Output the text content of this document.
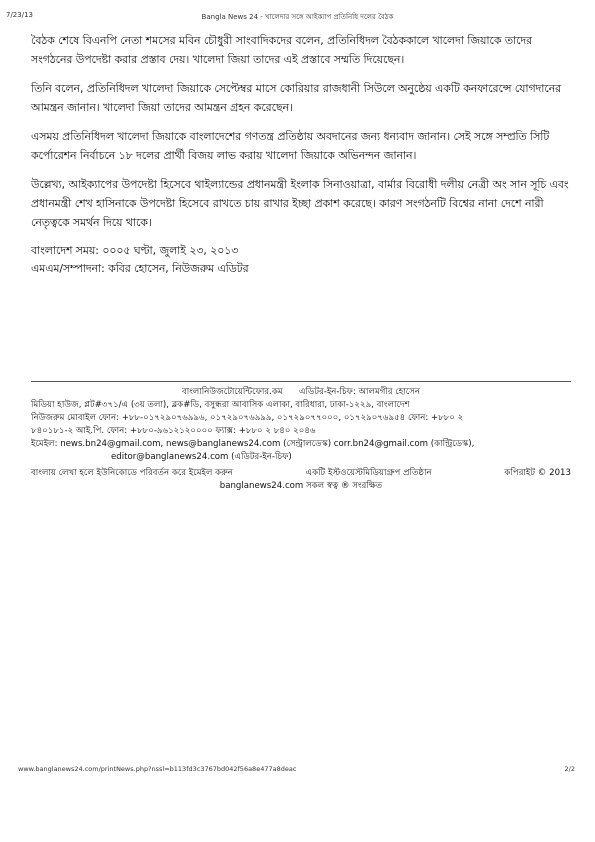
7/23/13	Bangla News 24 - খালেদার সঙ্গে আইক্যাপ প্রতিনিধি দলের বৈঠক

বৈঠক শেষে বিএনপি নেতা শমসের মবিন চৌধুরী সাংবাদিকদের বলেন, প্রতিনিধিদল বৈঠককালে খালেদা জিয়াকে তাদের সংগঠনের উপদেষ্টা করার প্রস্তাব দেয়। খালেদা জিয়া তাদের এই প্রস্তাবে সম্মতি দিয়েছেন।

তিনি বলেন, প্রতিনিধিদল খালেদা জিয়াকে সেপ্টেম্বর মাসে কোরিয়ার রাজধানী সিউলে অনুষ্ঠেয় একটি কনফারেন্সে যোগদানের আমন্ত্রন জানান। খালেদা জিয়া তাদের আমন্ত্রন গ্রহন করেছেন।

এসময় প্রতিনিধিদল খালেদা জিয়াকে বাংলাদেশের গণতন্ত্র প্রতিষ্ঠায় অবদানের জন্য ধন্যবাদ জানান। সেই সঙ্গে সম্প্রতি সিটি কর্পোরেশন নির্বাচনে ১৮ দলের প্রার্থী বিজয় লাভ করায় খালেদা জিয়াকে অভিনন্দন জানান।

উল্লেখ্য, আইক্যাপের উপদেষ্টা হিসেবে থাইল্যান্ডের প্রধানমন্ত্রী ইংলাক সিনাওয়াত্রা, বার্মার বিরোধী দলীয় নেত্রী অং সান সূচি এবং প্রধানমন্ত্রী শেখ হাসিনাকে উপদেষ্টা হিসেবে রাখতে চায় রাখার ইচ্ছা প্রকাশ করেছে। কারণ সংগঠনটি বিশ্বের নানা দেশে নারী নেতৃত্বকে সমর্থন দিয়ে থাকে।

বাংলাদেশ সময়: ০০০৫ ঘণ্টা, জুলাই ২৩, ২০১৩

এমএম/সম্পাদনা: কবির হোসেন, নিউজরুম এডিটর

বাংলানিউজটোয়েন্টিফোর.কম এডিটর-ইন-চিফ: আলমগীর হোসেন
মিডিয়া হাউজ, প্লট#৩৭১/এ (৩য় তলা), ব্লক#ডি, বসুন্ধরা আবাসিক এলাকা, বারিধারা, ঢাকা-১২২৯, বাংলাদেশ
নিউজরুম মোবাইল ফোন: +৮৮-০১৭২৯০৭৬৯৯৬, ০১৭২৯০৭৬৯৯৯, ০১৭২৯০৭৭০০০, ০১৭২৯০৭৬৯৫৪ ফোন: +৮৮০ ২
৮৪০১৮১-২ আই.পি. ফোন: +৮৮০-৯৬১২১২০০০০ ফ্যাক্স: +৮৮০ ২ ৮৪০ ২০৪৬
ইমেইল: news.bn24@gmail.com, news@banglanews24.com (সেন্ট্রালডেস্ক) corr.bn24@gmail.com (কান্ট্রিডেস্ক),
editor@banglanews24.com (এডিটর-ইন-চিফ)
বাংলায় লেখা হলে ইউনিকোডে পরিবর্তন করে ইমেইল করুন	একটি ইস্টওয়েস্টমিডিয়াগ্রুপ প্রতিষ্ঠান	কপিরাইট © 2013
banglanews24.com সকল স্বত্ব ® সংরক্ষিত
www.banglanews24.com/printNews.php?nssl=b113fd3c3767bd042f56a8e477a8deac	2/2
